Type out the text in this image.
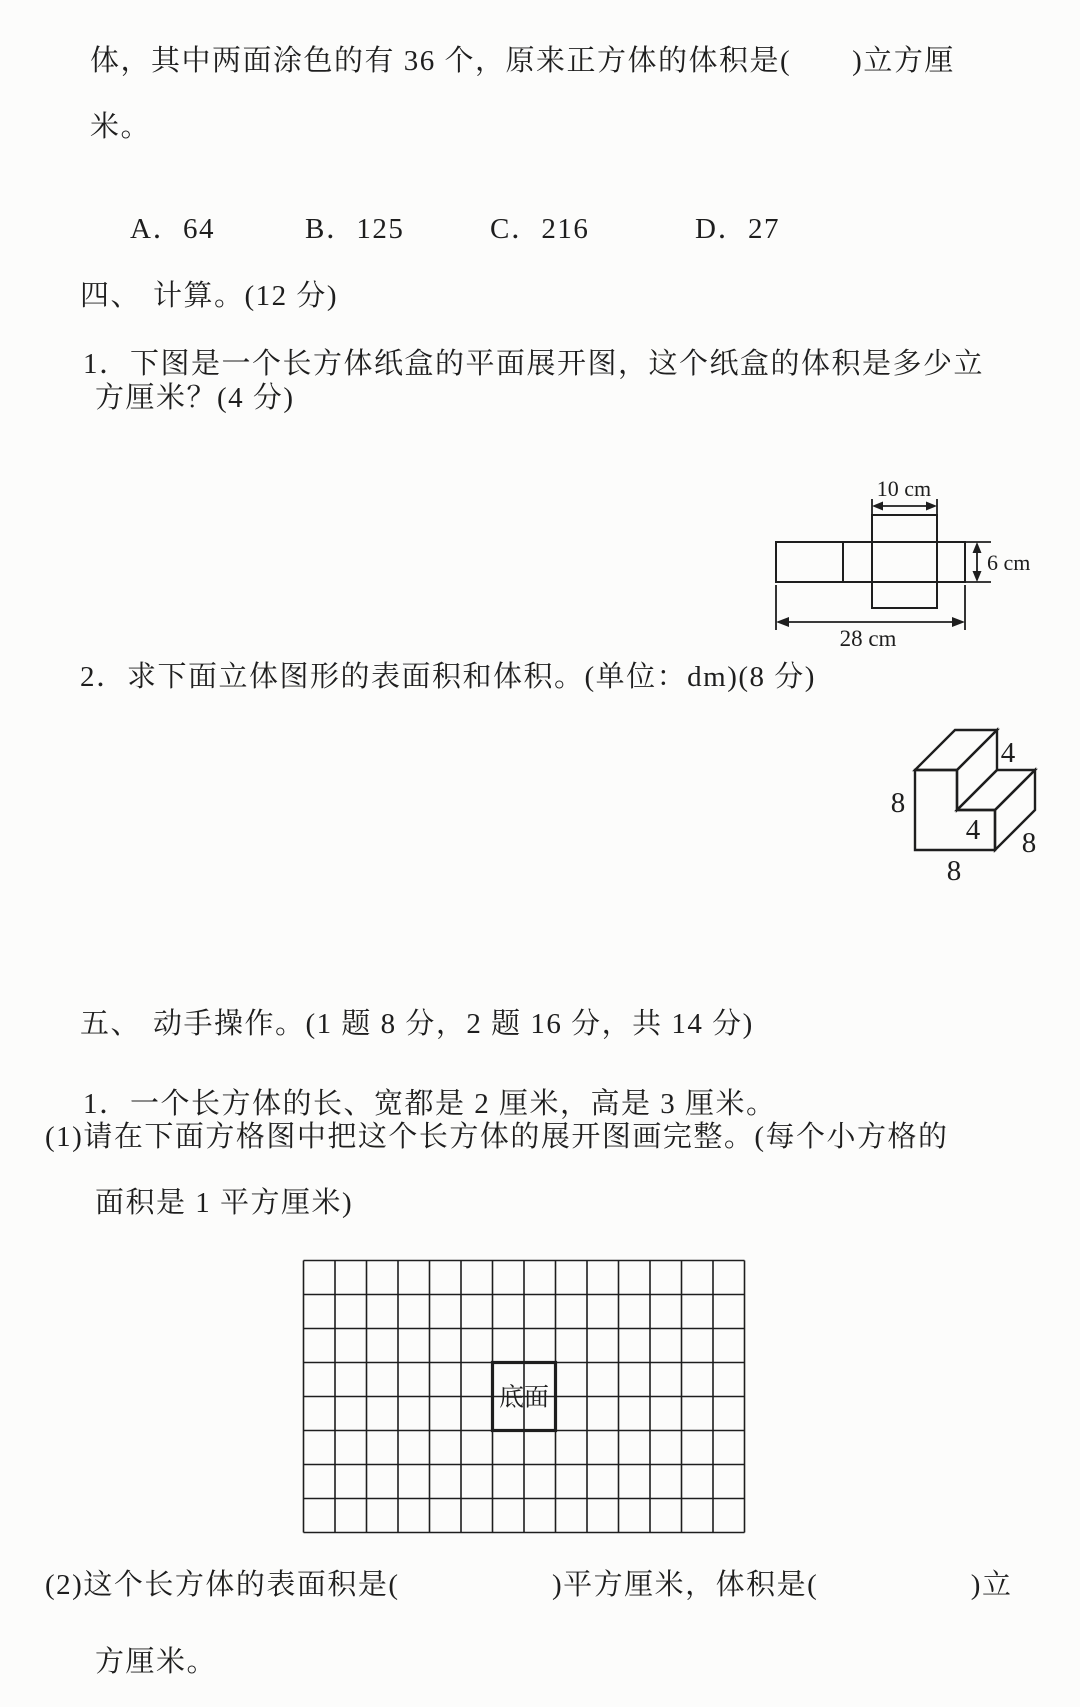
体，其中两面涂色的有 36 个，原来正方体的体积是(　　)立方厘
米。

A．64	B．125	C．216	D．27

四、 计算。(12 分)

1．下图是一个长方体纸盒的平面展开图，这个纸盒的体积是多少立

方厘米？(4 分)
10 cm
6 cm
28 cm

2．求下面立体图形的表面积和体积。(单位：dm)(8 分)

8
8
8
4
4

五、 动手操作。(1 题 8 分，2 题 16 分，共 14 分)

1．一个长方体的长、宽都是 2 厘米，高是 3 厘米。

(1)请在下面方格图中把这个长方体的展开图画完整。(每个小方格的
面积是 1 平方厘米)
底面
(2)这个长方体的表面积是(　　　　　)平方厘米，体积是(　　　　　)立
方厘米。
